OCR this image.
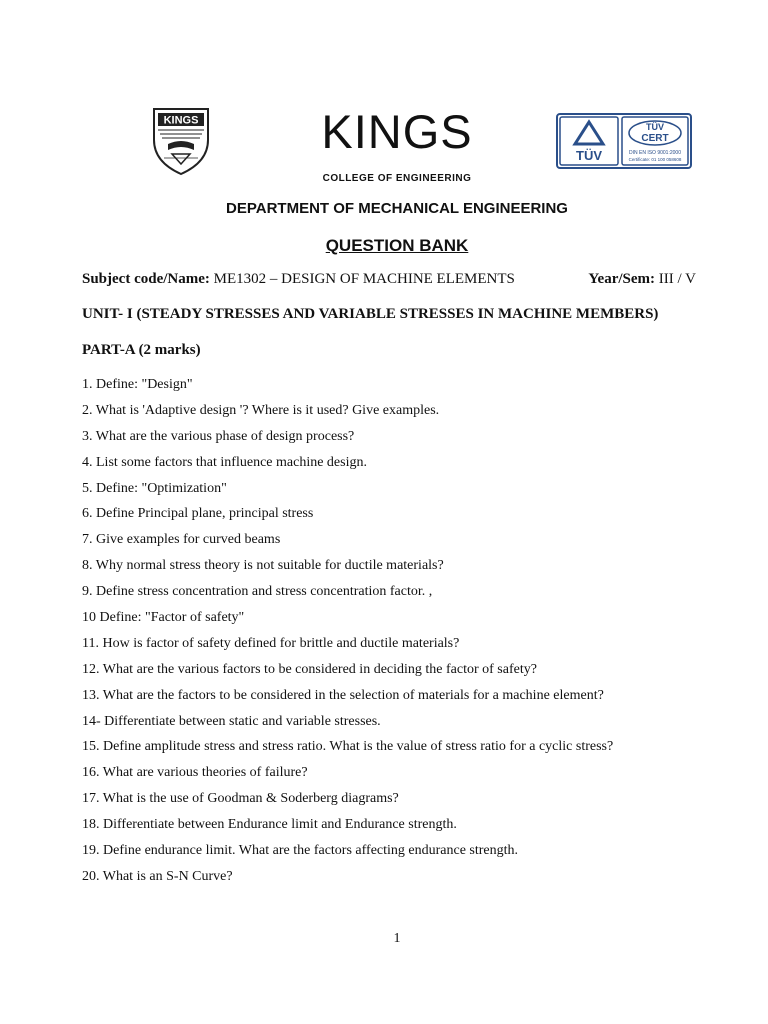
KINGS	KINGS
COLLEGE OF ENGINEERING
TÜV
TÜV
CERT
DIN EN ISO 9001:2000
Certificate: 01 100 058608
DEPARTMENT OF MECHANICAL ENGINEERING
QUESTION BANK
Subject code/Name: ME1302 – DESIGN OF MACHINE ELEMENTS	Year/Sem: III / V
UNIT- I (STEADY STRESSES AND VARIABLE STRESSES IN MACHINE MEMBERS)
PART-A (2 marks)
1. Define: "Design"
2. What is 'Adaptive design '? Where is it used? Give examples.
3. What are the various phase of design process?
4. List some factors that influence machine design.
5. Define: "Optimization"
6. Define Principal plane, principal stress
7. Give examples for curved beams
8. Why normal stress theory is not suitable for ductile materials?
9. Define stress concentration and stress concentration factor. ,
10 Define: "Factor of safety"
11. How is factor of safety defined for brittle and ductile materials?
12. What are the various factors to be considered in deciding the factor of safety?
13. What are the factors to be considered in the selection of materials for a machine element?
14- Differentiate between static and variable stresses.
15. Define amplitude stress and stress ratio. What is the value of stress ratio for a cyclic stress?
16. What are various theories of failure?
17. What is the use of Goodman & Soderberg diagrams?
18. Differentiate between Endurance limit and Endurance strength.
19. Define endurance limit. What are the factors affecting endurance strength.
20. What is an S-N Curve?
1
